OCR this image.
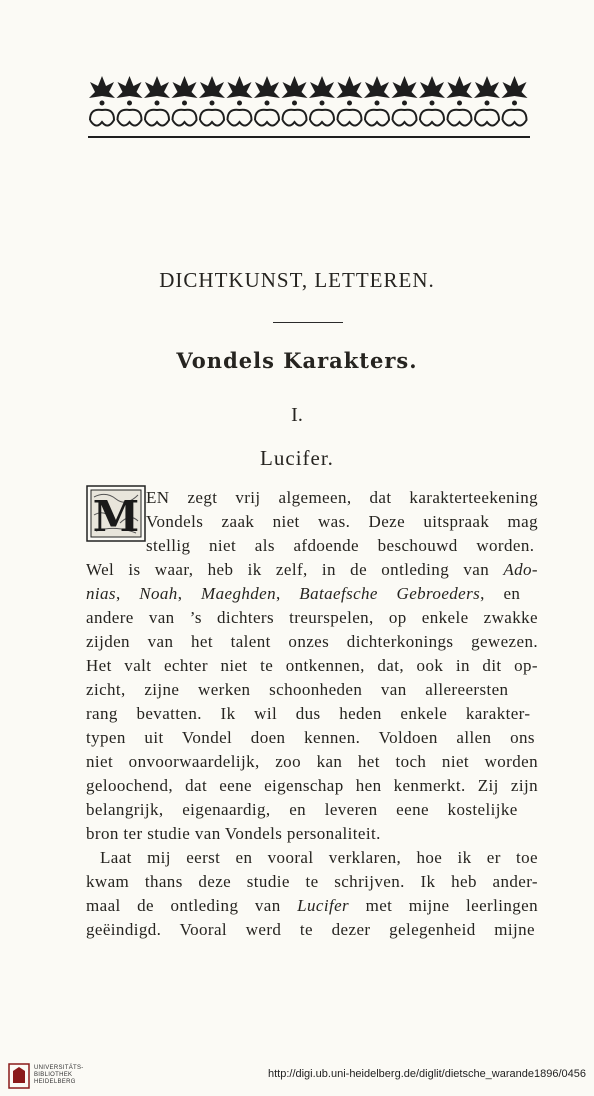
DICHTKUNST, LETTEREN.
Vondels Karakters.
I.
Lucifer.
M EN zegt vrij algemeen, dat karakterteekening
Vondels zaak niet was. Deze uitspraak mag
stellig niet als afdoende beschouwd worden.
Wel is waar, heb ik zelf, in de ontleding van Ado-
nias, Noah, Maeghden, Bataefsche Gebroeders, en
andere van ’s dichters treurspelen, op enkele zwakke
zijden van het talent onzes dichterkonings gewezen.
Het valt echter niet te ontkennen, dat, ook in dit op-
zicht, zijne werken schoonheden van allereersten
rang bevatten. Ik wil dus heden enkele karakter-
typen uit Vondel doen kennen. Voldoen allen ons
niet onvoorwaardelijk, zoo kan het toch niet worden
geloochend, dat eene eigenschap hen kenmerkt. Zij zijn
belangrijk, eigenaardig, en leveren eene kostelijke
bron ter studie van Vondels personaliteit.
Laat mij eerst en vooral verklaren, hoe ik er toe
kwam thans deze studie te schrijven. Ik heb ander-
maal de ontleding van Lucifer met mijne leerlingen
geëindigd. Vooral werd te dezer gelegenheid mijne
UNIVERSITÄTS-
BIBLIOTHEK
HEIDELBERG
http://digi.ub.uni-heidelberg.de/diglit/dietsche_warande1896/0456
